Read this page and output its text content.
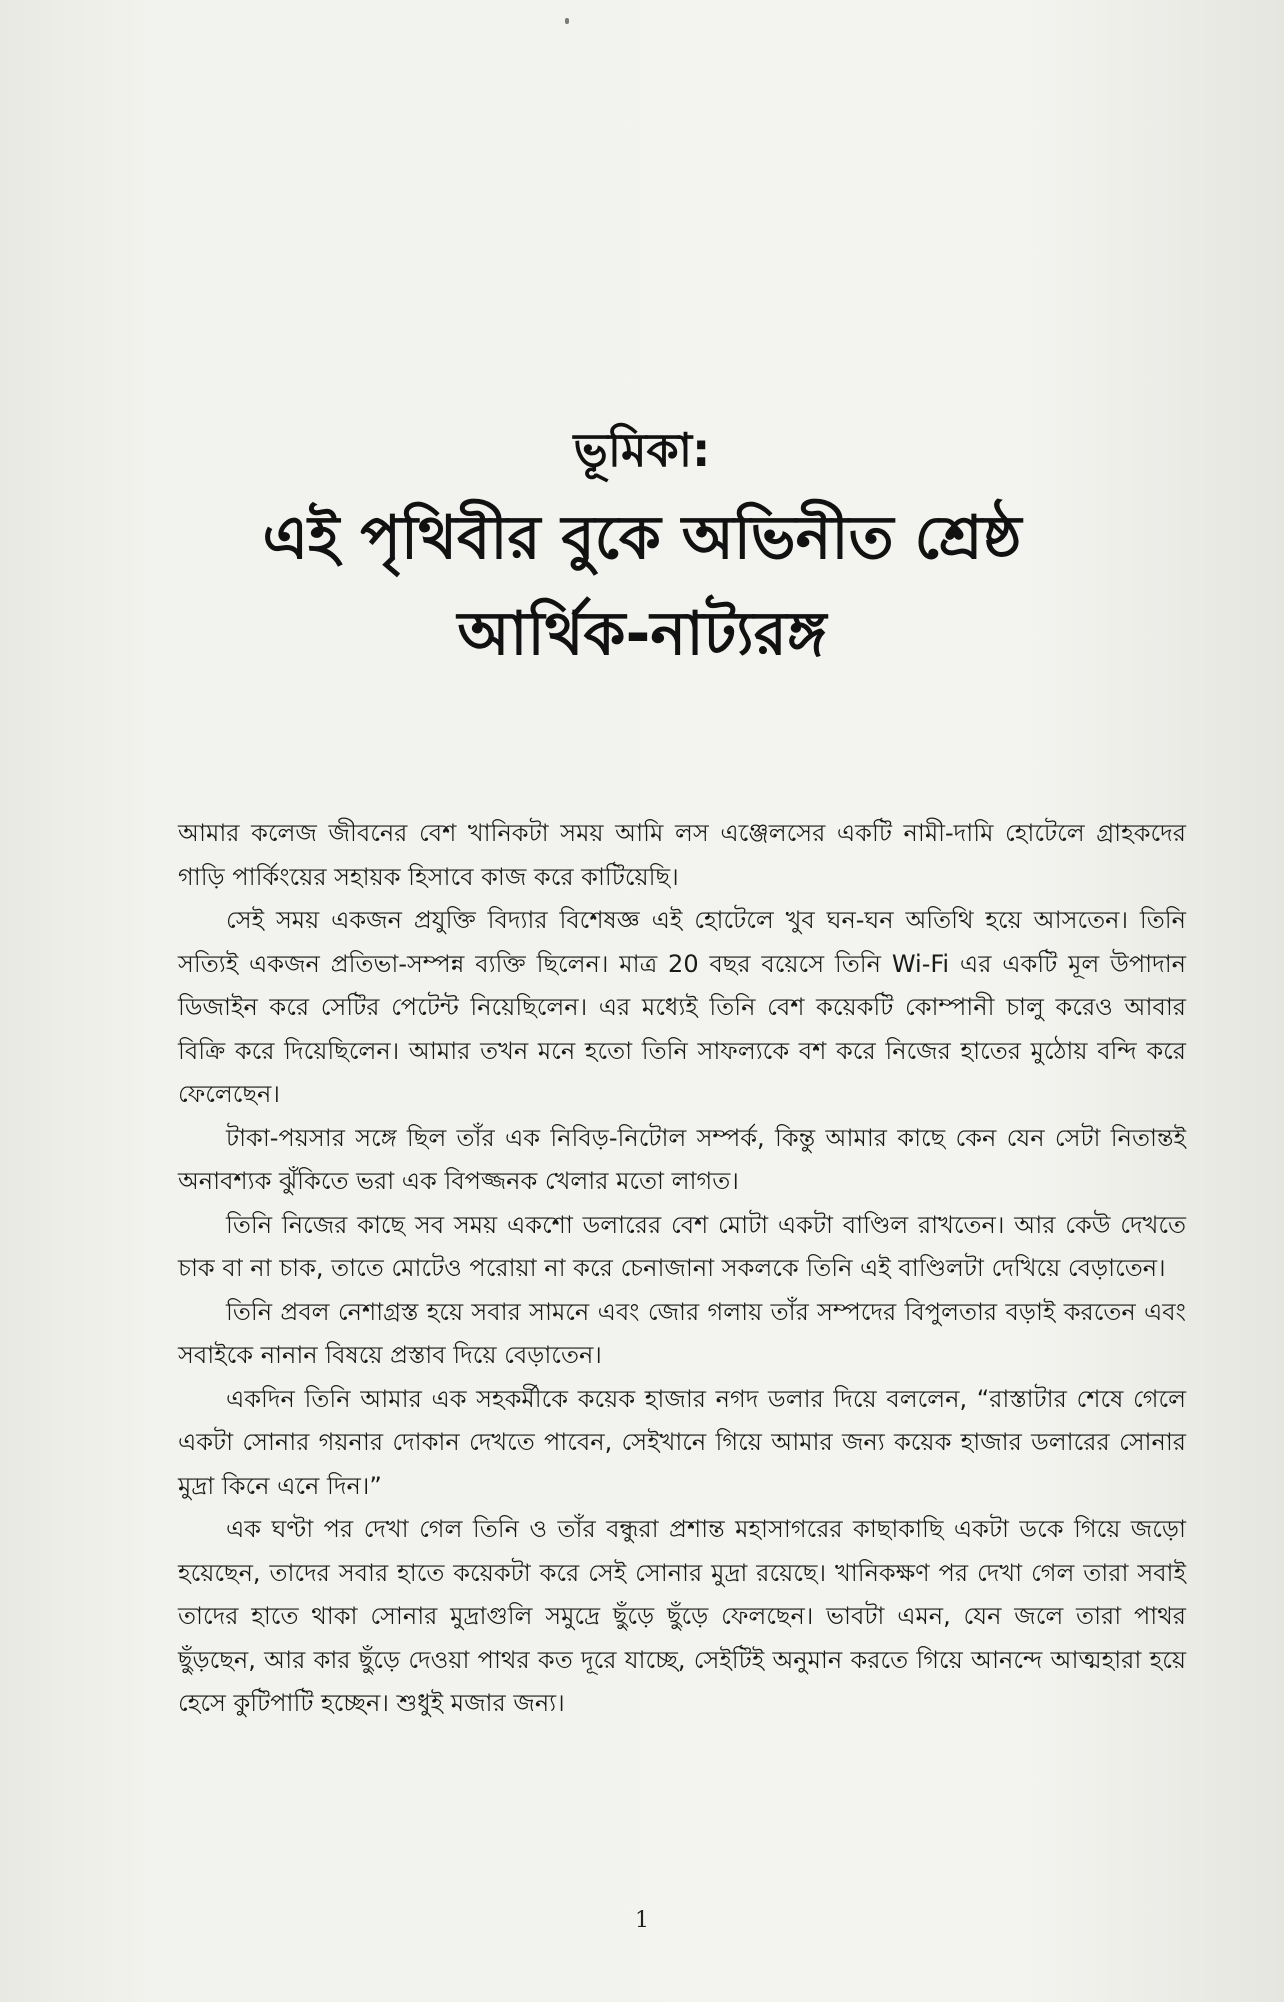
ভূমিকা:
এই পৃথিবীর বুকে অভিনীত শ্রেষ্ঠ
আর্থিক-নাট্যরঙ্গ

আমার কলেজ জীবনের বেশ খানিকটা সময় আমি লস এঞ্জেলসের একটি নামী-দামি হোটেলে গ্রাহকদের গাড়ি পার্কিংয়ের সহায়ক হিসাবে কাজ করে কাটিয়েছি।

সেই সময় একজন প্রযুক্তি বিদ্যার বিশেষজ্ঞ এই হোটেলে খুব ঘন-ঘন অতিথি হয়ে আসতেন। তিনি সত্যিই একজন প্রতিভা-সম্পন্ন ব্যক্তি ছিলেন। মাত্র 20 বছর বয়েসে তিনি Wi-Fi এর একটি মূল উপাদান ডিজাইন করে সেটির পেটেন্ট নিয়েছিলেন। এর মধ্যেই তিনি বেশ কয়েকটি কোম্পানী চালু করেও আবার বিক্রি করে দিয়েছিলেন। আমার তখন মনে হতো তিনি সাফল্যকে বশ করে নিজের হাতের মুঠোয় বন্দি করে ফেলেছেন।

টাকা-পয়সার সঙ্গে ছিল তাঁর এক নিবিড়-নিটোল সম্পর্ক, কিন্তু আমার কাছে কেন যেন সেটা নিতান্তই অনাবশ্যক ঝুঁকিতে ভরা এক বিপজ্জনক খেলার মতো লাগত।

তিনি নিজের কাছে সব সময় একশো ডলারের বেশ মোটা একটা বাণ্ডিল রাখতেন। আর কেউ দেখতে চাক বা না চাক, তাতে মোটেও পরোয়া না করে চেনাজানা সকলকে তিনি এই বাণ্ডিলটা দেখিয়ে বেড়াতেন।

তিনি প্রবল নেশাগ্রস্ত হয়ে সবার সামনে এবং জোর গলায় তাঁর সম্পদের বিপুলতার বড়াই করতেন এবং সবাইকে নানান বিষয়ে প্রস্তাব দিয়ে বেড়াতেন।

একদিন তিনি আমার এক সহকর্মীকে কয়েক হাজার নগদ ডলার দিয়ে বললেন, “রাস্তাটার শেষে গেলে একটা সোনার গয়নার দোকান দেখতে পাবেন, সেইখানে গিয়ে আমার জন্য কয়েক হাজার ডলারের সোনার মুদ্রা কিনে এনে দিন।”

এক ঘণ্টা পর দেখা গেল তিনি ও তাঁর বন্ধুরা প্রশান্ত মহাসাগরের কাছাকাছি একটা ডকে গিয়ে জড়ো হয়েছেন, তাদের সবার হাতে কয়েকটা করে সেই সোনার মুদ্রা রয়েছে। খানিকক্ষণ পর দেখা গেল তারা সবাই তাদের হাতে থাকা সোনার মুদ্রাগুলি সমুদ্রে ছুঁড়ে ছুঁড়ে ফেলছেন। ভাবটা এমন, যেন জলে তারা পাথর ছুঁড়ছেন, আর কার ছুঁড়ে দেওয়া পাথর কত দূরে যাচ্ছে, সেইটিই অনুমান করতে গিয়ে আনন্দে আত্মহারা হয়ে হেসে কুটিপাটি হচ্ছেন। শুধুই মজার জন্য।

1
